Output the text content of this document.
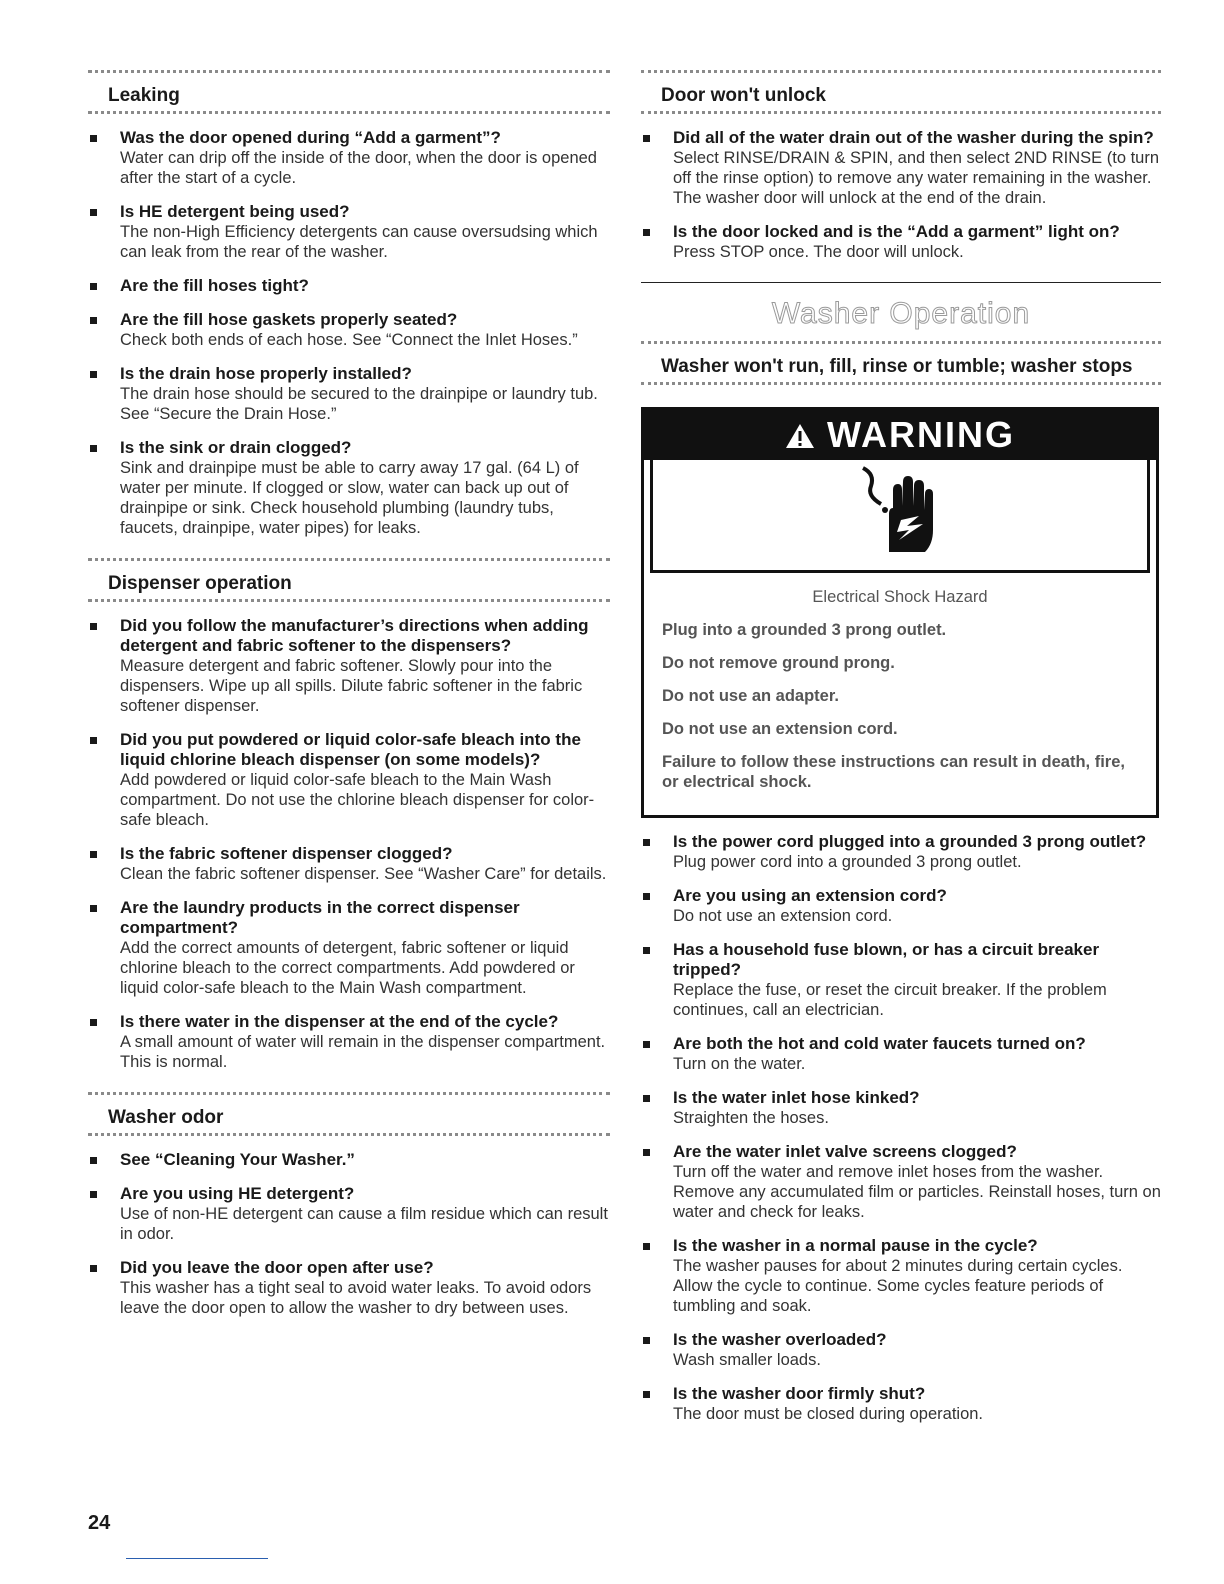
Leaking
Was the door opened during “Add a garment”?
Water can drip off the inside of the door, when the door is opened after the start of a cycle.
Is HE detergent being used?
The non-High Efficiency detergents can cause oversudsing which can leak from the rear of the washer.
Are the fill hoses tight?
Are the fill hose gaskets properly seated?
Check both ends of each hose. See “Connect the Inlet Hoses.”
Is the drain hose properly installed?
The drain hose should be secured to the drainpipe or laundry tub. See “Secure the Drain Hose.”
Is the sink or drain clogged?
Sink and drainpipe must be able to carry away 17 gal. (64 L) of water per minute. If clogged or slow, water can back up out of drainpipe or sink. Check household plumbing (laundry tubs, faucets, drainpipe, water pipes) for leaks.
Dispenser operation
Did you follow the manufacturer’s directions when adding detergent and fabric softener to the dispensers?
Measure detergent and fabric softener. Slowly pour into the dispensers. Wipe up all spills. Dilute fabric softener in the fabric softener dispenser.
Did you put powdered or liquid color-safe bleach into the liquid chlorine bleach dispenser (on some models)?
Add powdered or liquid color-safe bleach to the Main Wash compartment. Do not use the chlorine bleach dispenser for color-safe bleach.
Is the fabric softener dispenser clogged?
Clean the fabric softener dispenser. See “Washer Care” for details.
Are the laundry products in the correct dispenser compartment?
Add the correct amounts of detergent, fabric softener or liquid chlorine bleach to the correct compartments. Add powdered or liquid color-safe bleach to the Main Wash compartment.
Is there water in the dispenser at the end of the cycle?
A small amount of water will remain in the dispenser compartment. This is normal.
Washer odor
See “Cleaning Your Washer.”
Are you using HE detergent?
Use of non-HE detergent can cause a film residue which can result in odor.
Did you leave the door open after use?
This washer has a tight seal to avoid water leaks. To avoid odors leave the door open to allow the washer to dry between uses.
Door won't unlock
Did all of the water drain out of the washer during the spin?
Select RINSE/DRAIN & SPIN, and then select 2ND RINSE (to turn off the rinse option) to remove any water remaining in the washer. The washer door will unlock at the end of the drain.
Is the door locked and is the “Add a garment” light on?
Press STOP once. The door will unlock.
Washer Operation
Washer won't run, fill, rinse or tumble; washer stops
WARNING
Electrical Shock Hazard
Plug into a grounded 3 prong outlet.
Do not remove ground prong.
Do not use an adapter.
Do not use an extension cord.
Failure to follow these instructions can result in death, fire, or electrical shock.
Is the power cord plugged into a grounded 3 prong outlet?
Plug power cord into a grounded 3 prong outlet.
Are you using an extension cord?
Do not use an extension cord.
Has a household fuse blown, or has a circuit breaker tripped?
Replace the fuse, or reset the circuit breaker. If the problem continues, call an electrician.
Are both the hot and cold water faucets turned on?
Turn on the water.
Is the water inlet hose kinked?
Straighten the hoses.
Are the water inlet valve screens clogged?
Turn off the water and remove inlet hoses from the washer. Remove any accumulated film or particles. Reinstall hoses, turn on water and check for leaks.
Is the washer in a normal pause in the cycle?
The washer pauses for about 2 minutes during certain cycles. Allow the cycle to continue. Some cycles feature periods of tumbling and soak.
Is the washer overloaded?
Wash smaller loads.
Is the washer door firmly shut?
The door must be closed during operation.
24
